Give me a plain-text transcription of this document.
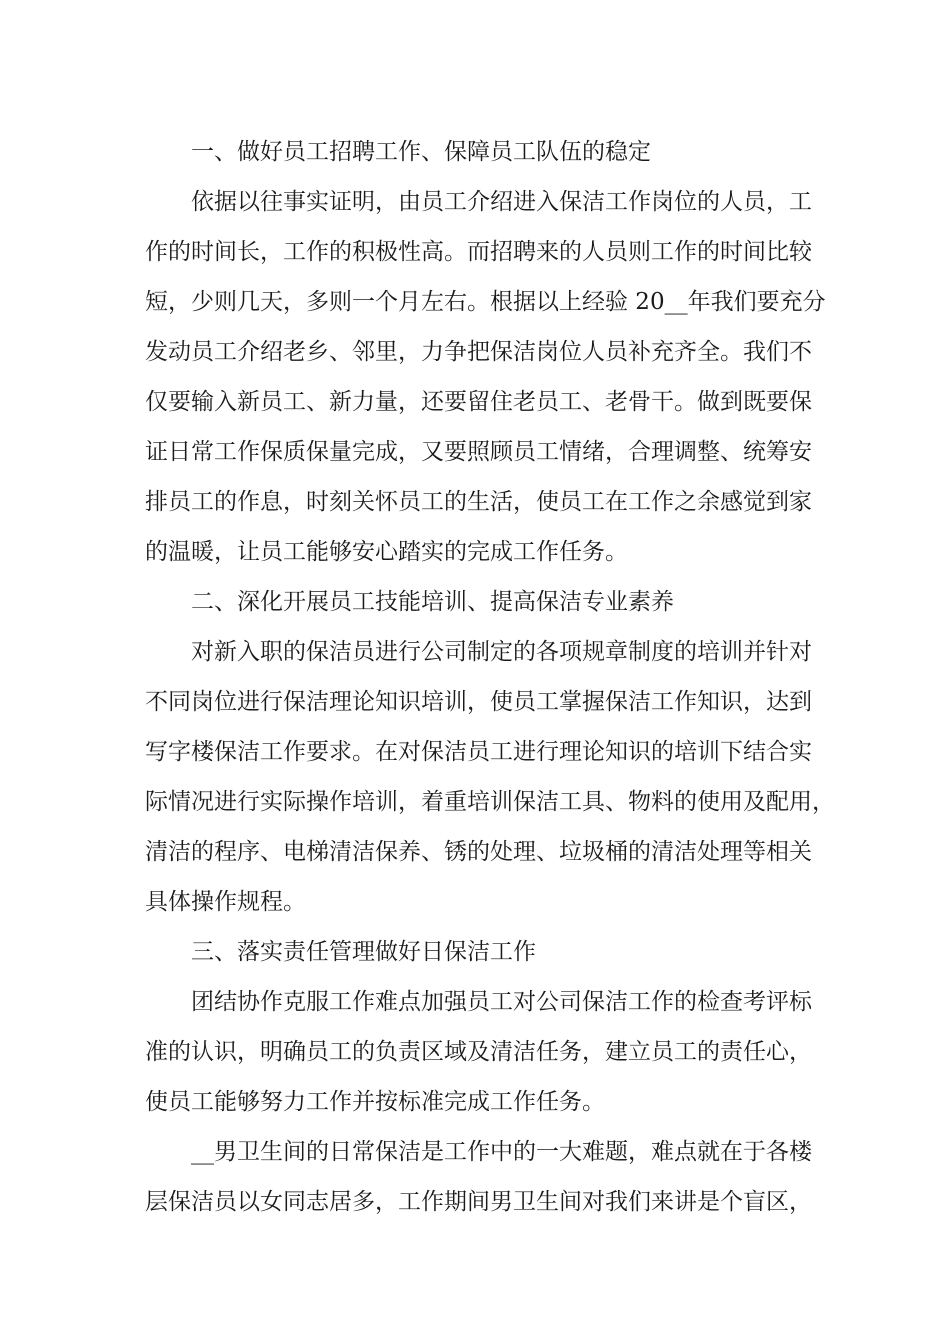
一、做好员工招聘工作、保障员工队伍的稳定
依据以往事实证明，由员工介绍进入保洁工作岗位的人员，工
作的时间长，工作的积极性高。而招聘来的人员则工作的时间比较
短，少则几天，多则一个月左右。根据以上经验 20__年我们要充分
发动员工介绍老乡、邻里，力争把保洁岗位人员补充齐全。我们不
仅要输入新员工、新力量，还要留住老员工、老骨干。做到既要保
证日常工作保质保量完成，又要照顾员工情绪，合理调整、统筹安
排员工的作息，时刻关怀员工的生活，使员工在工作之余感觉到家
的温暖，让员工能够安心踏实的完成工作任务。
二、深化开展员工技能培训、提高保洁专业素养
对新入职的保洁员进行公司制定的各项规章制度的培训并针对
不同岗位进行保洁理论知识培训，使员工掌握保洁工作知识，达到
写字楼保洁工作要求。在对保洁员工进行理论知识的培训下结合实
际情况进行实际操作培训，着重培训保洁工具、物料的使用及配用，
清洁的程序、电梯清洁保养、锈的处理、垃圾桶的清洁处理等相关
具体操作规程。
三、落实责任管理做好日保洁工作
团结协作克服工作难点加强员工对公司保洁工作的检查考评标
准的认识，明确员工的负责区域及清洁任务，建立员工的责任心，
使员工能够努力工作并按标准完成工作任务。
__男卫生间的日常保洁是工作中的一大难题，难点就在于各楼
层保洁员以女同志居多，工作期间男卫生间对我们来讲是个盲区，
